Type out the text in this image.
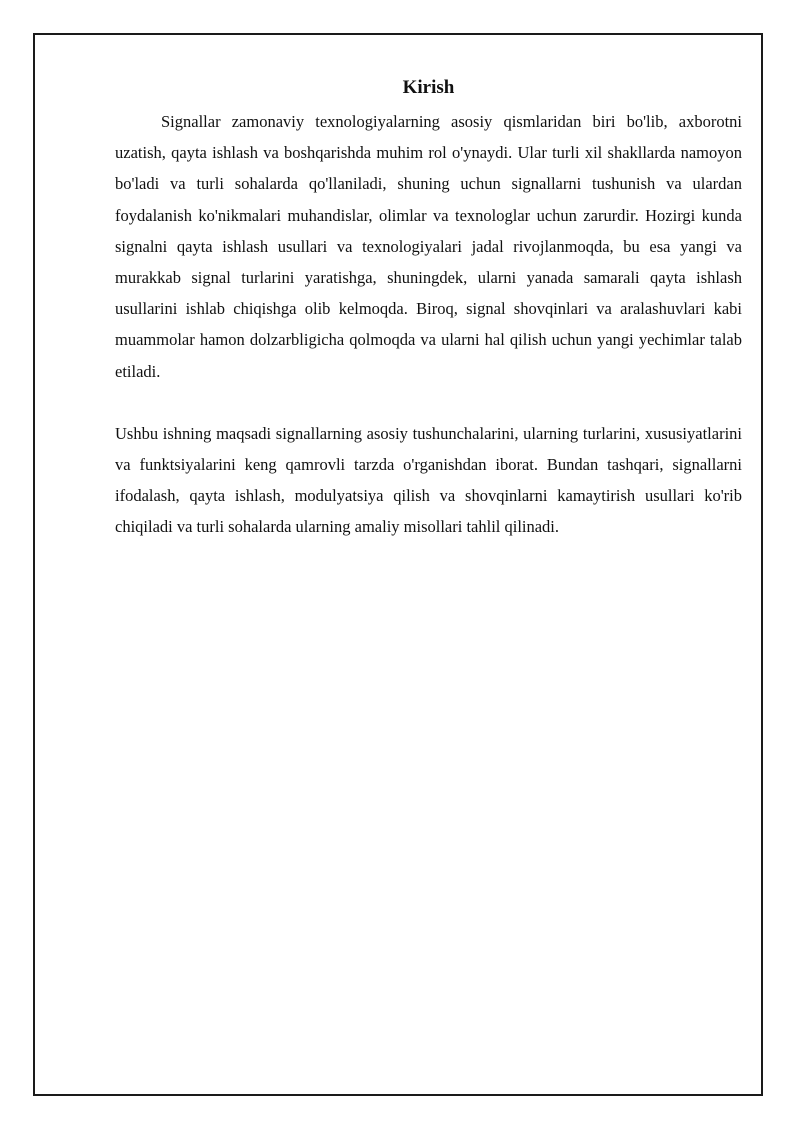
Kirish

Signallar zamonaviy texnologiyalarning asosiy qismlaridan biri bo'lib, axborotni uzatish, qayta ishlash va boshqarishda muhim rol o'ynaydi. Ular turli xil shakllarda namoyon bo'ladi va turli sohalarda qo'llaniladi, shuning uchun signallarni tushunish va ulardan foydalanish ko'nikmalari muhandislar, olimlar va texnologlar uchun zarurdir. Hozirgi kunda signalni qayta ishlash usullari va texnologiyalari jadal rivojlanmoqda, bu esa yangi va murakkab signal turlarini yaratishga, shuningdek, ularni yanada samarali qayta ishlash usullarini ishlab chiqishga olib kelmoqda. Biroq, signal shovqinlari va aralashuvlari kabi muammolar hamon dolzarbligicha qolmoqda va ularni hal qilish uchun yangi yechimlar talab etiladi.

Ushbu ishning maqsadi signallarning asosiy tushunchalarini, ularning turlarini, xususiyatlarini va funktsiyalarini keng qamrovli tarzda o'rganishdan iborat. Bundan tashqari, signallarni ifodalash, qayta ishlash, modulyatsiya qilish va shovqinlarni kamaytirish usullari ko'rib chiqiladi va turli sohalarda ularning amaliy misollari tahlil qilinadi.
